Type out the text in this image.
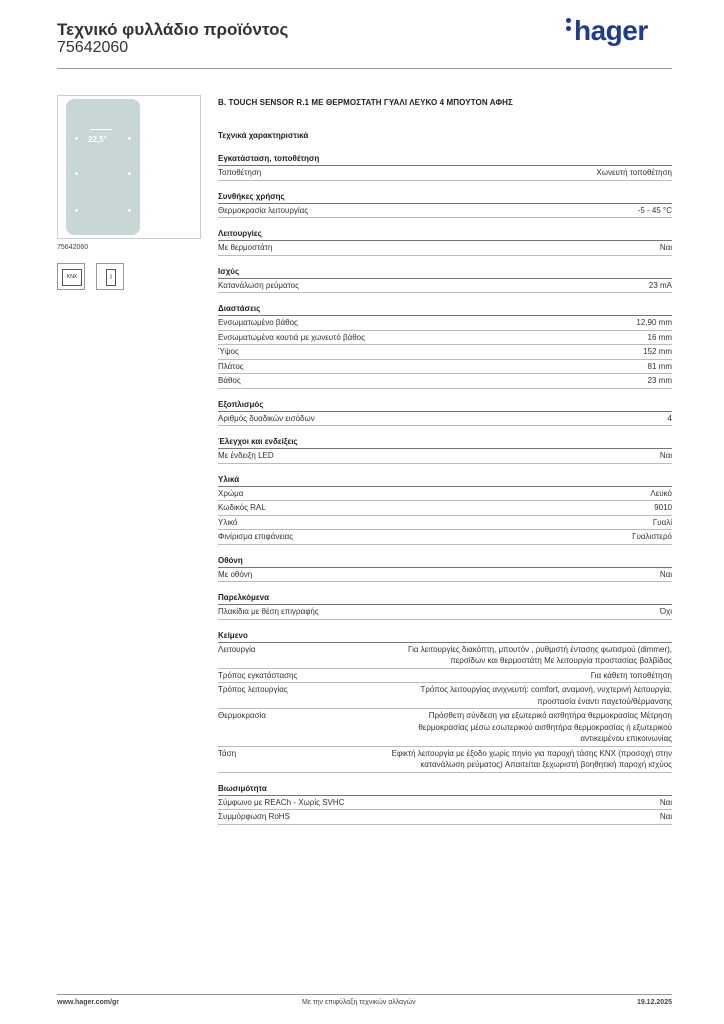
Τεχνικό φυλλάδιο προϊόντος
75642060
hager
22,5°
75642060
KNX	▯
B. TOUCH SENSOR R.1 ΜΕ ΘΕΡΜΟΣΤΑΤΗ ΓΥΑΛΙ ΛΕΥΚΟ 4 ΜΠΟΥΤΟΝ ΑΦΗΣ
Τεχνικά χαρακτηριστικά
Εγκατάσταση, τοποθέτηση
Τοποθέτηση	Χωνευτή τοποθέτηση
Συνθήκες χρήσης
Θερμοκρασία λειτουργίας	-5 - 45 °C
Λειτουργίες
Με θερμοστάτη	Ναι
Ισχύς
Κατανάλωση ρεύματος	23 mA
Διαστάσεις
Ενσωματωμένο βάθος	12,90 mm
Ενσωματωμένα κουτιά με χωνευτό βάθος	16 mm
Ύψος	152 mm
Πλάτος	81 mm
Βάθος	23 mm
Εξοπλισμός
Αριθμός δυαδικών εισόδων	4
Έλεγχοι και ενδείξεις
Με ένδειξη LED	Ναι
Υλικά
Χρώμα	Λευκό
Κωδικός RAL	9010
Υλικό	Γυαλί
Φινίρισμα επιφάνειας	Γυαλιστερό
Οθόνη
Με οθόνη	Ναι
Παρελκόμενα
Πλακίδια με θέση επιγραφής	Όχι
Κείμενο
Λειτουργία	Για λειτουργίες διακόπτη, μπουτόν , ρυθμιστή έντασης φωτισμού (dimmer), περσίδων και θερμοστάτη Με λειτουργία προστασίας βαλβίδας
Τρόπος εγκατάστασης	Για κάθετη τοποθέτηση
Τρόπος λειτουργίας	Τρόπος λειτουργίας ανιχνευτή: comfort, αναμονή, νυχτερινή λειτουργία, προστασία έναντι παγετού/θέρμανσης
Θερμοκρασία	Πρόσθετη σύνδεση για εξωτερικό αισθητήρα θερμοκρασίας Μέτρηση θερμοκρασίας μέσω εσωτερικού αισθητήρα θερμοκρασίας ή εξωτερικού αντικειμένου επικοινωνίας
Τάση	Εφικτή λειτουργία με έξοδο χωρίς πηνίο για παροχή τάσης KNX (προσοχή στην κατανάλωση ρεύματος) Απαιτείται ξεχωριστή βοηθητική παροχή ισχύος
Βιωσιμότητα
Σύμφωνο με REACh - Χωρίς SVHC	Ναι
Συμμόρφωση RoHS	Ναι
www.hager.com/gr	Με την επιφύλαξη τεχνικών αλλαγών	19.12.2025
